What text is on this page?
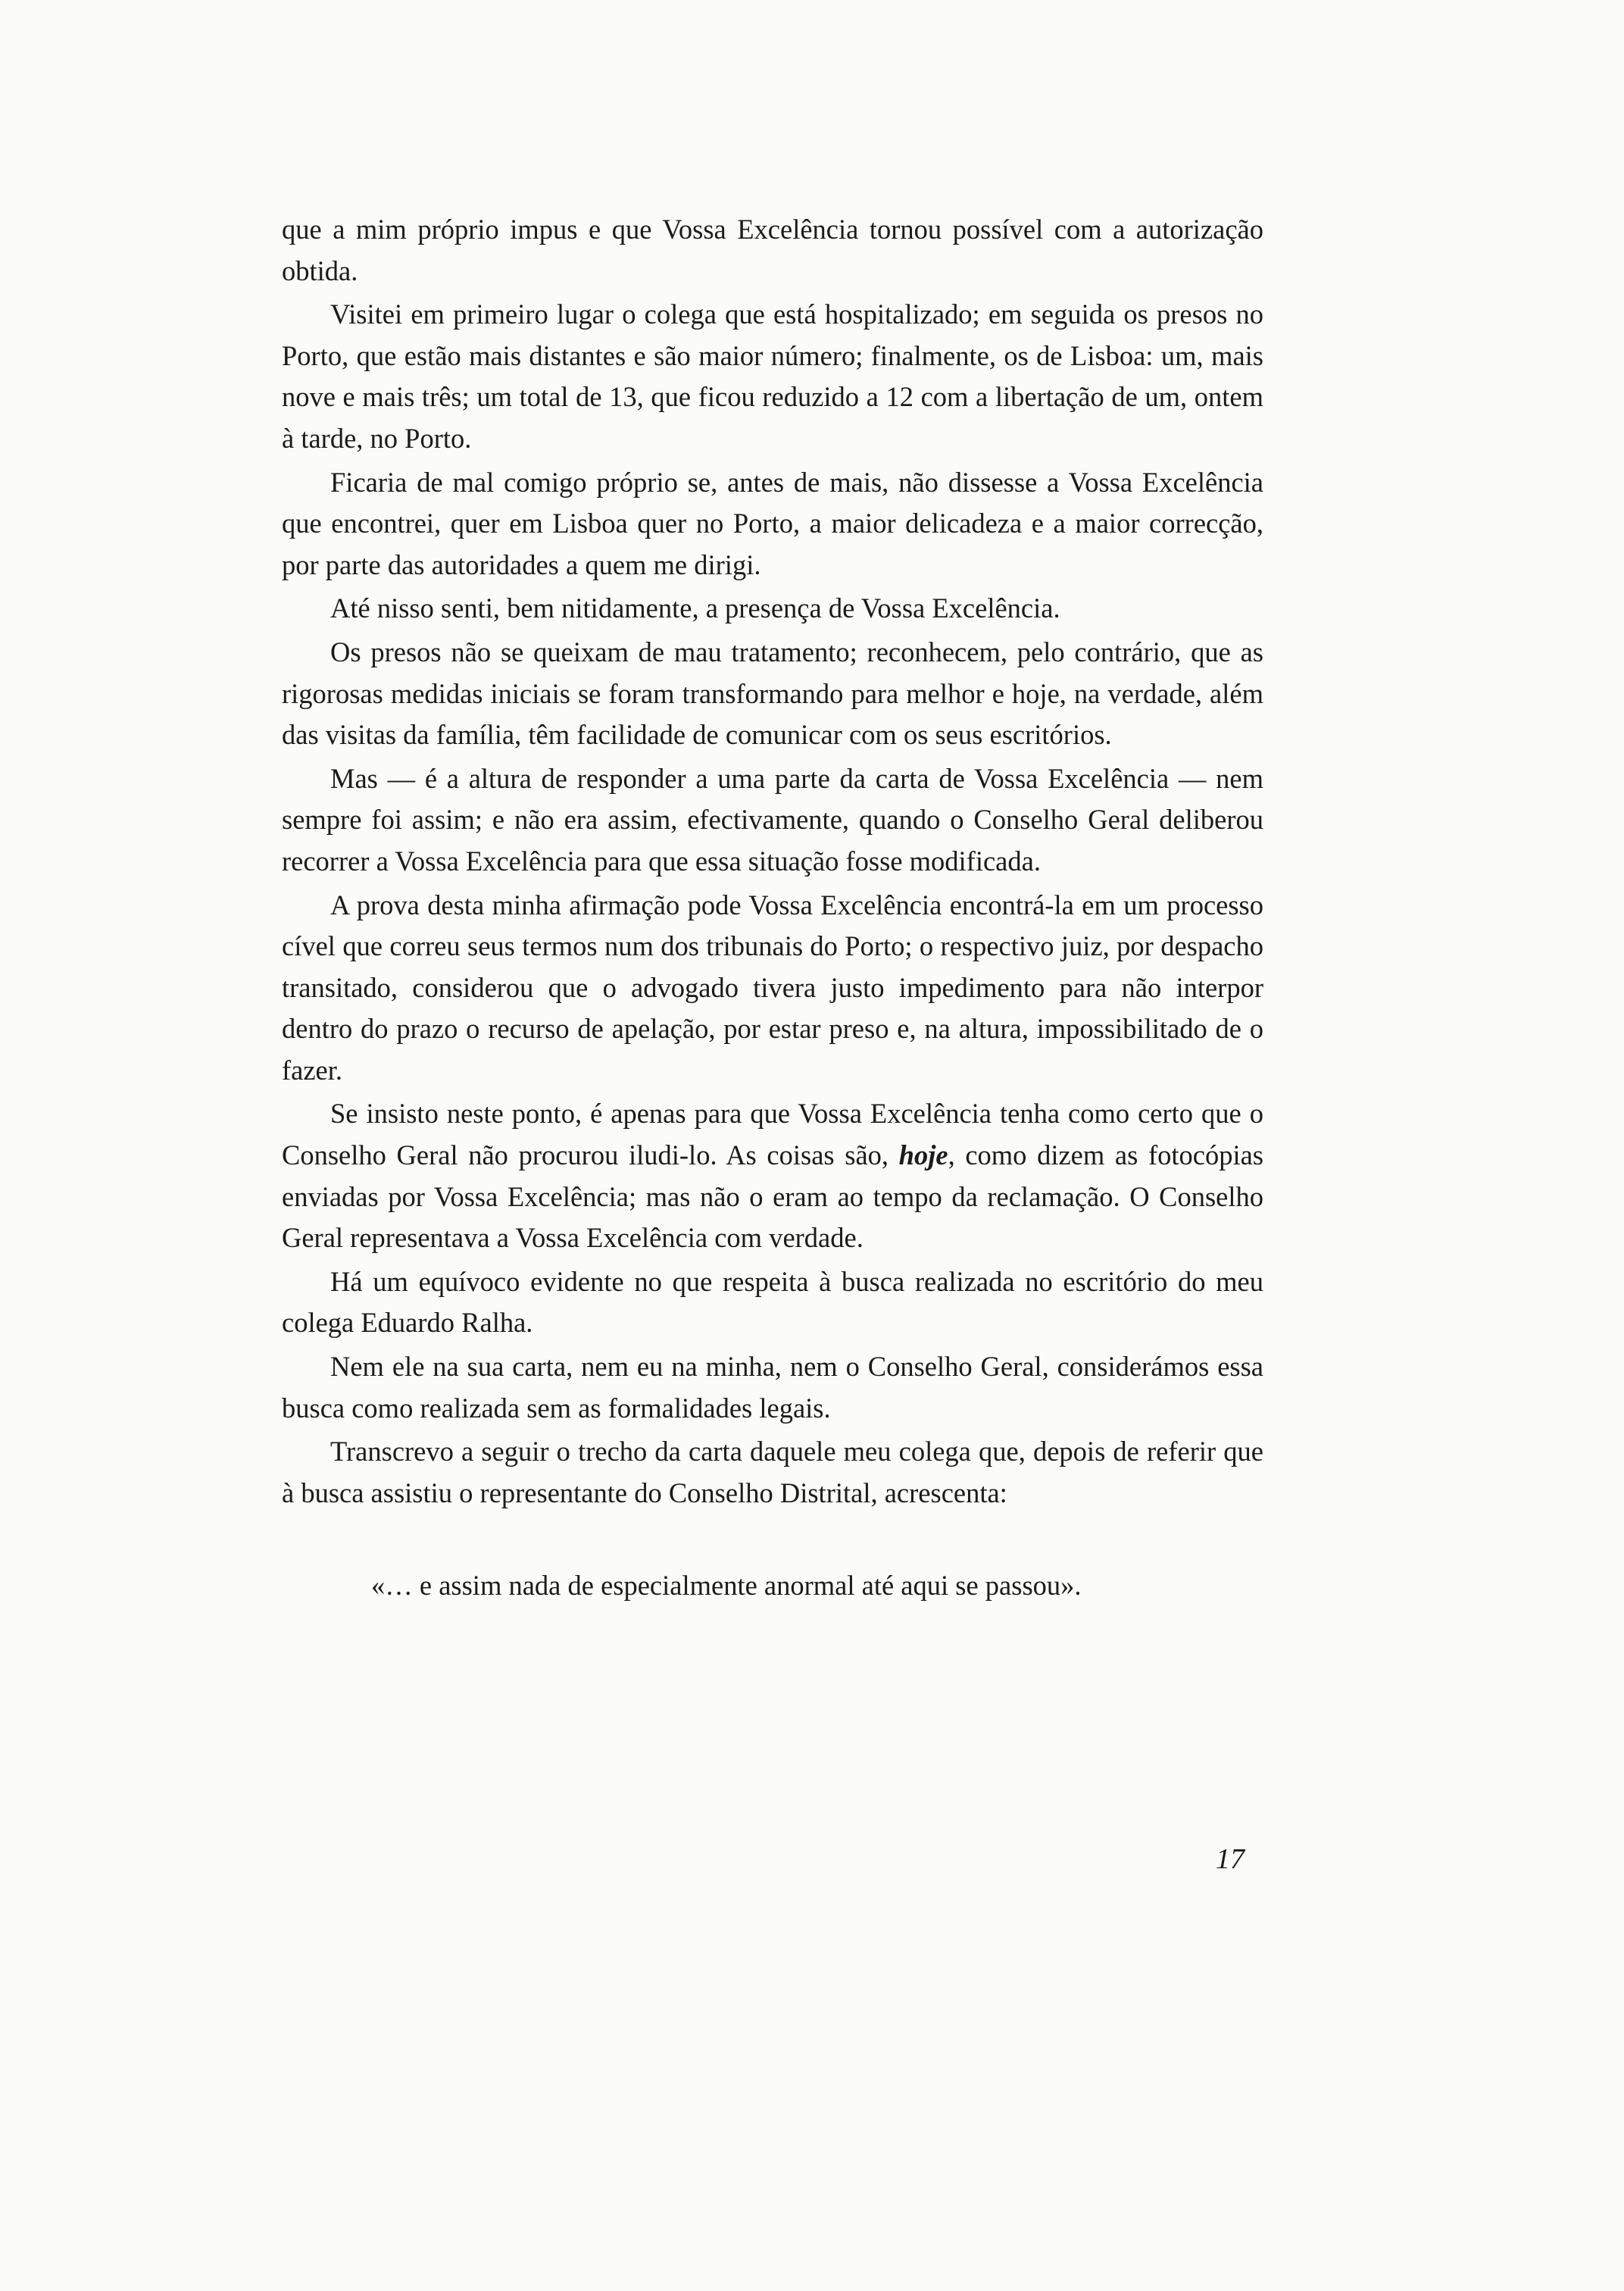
que a mim próprio impus e que Vossa Excelência tornou possível com a autorização obtida.

Visitei em primeiro lugar o colega que está hospitalizado; em seguida os presos no Porto, que estão mais distantes e são maior número; finalmente, os de Lisboa: um, mais nove e mais três; um total de 13, que ficou reduzido a 12 com a libertação de um, ontem à tarde, no Porto.

Ficaria de mal comigo próprio se, antes de mais, não dissesse a Vossa Excelência que encontrei, quer em Lisboa quer no Porto, a maior delicadeza e a maior correcção, por parte das autoridades a quem me dirigi.

Até nisso senti, bem nitidamente, a presença de Vossa Excelência.

Os presos não se queixam de mau tratamento; reconhecem, pelo contrário, que as rigorosas medidas iniciais se foram transformando para melhor e hoje, na verdade, além das visitas da família, têm facilidade de comunicar com os seus escritórios.

Mas — é a altura de responder a uma parte da carta de Vossa Excelência — nem sempre foi assim; e não era assim, efectivamente, quando o Conselho Geral deliberou recorrer a Vossa Excelência para que essa situação fosse modificada.

A prova desta minha afirmação pode Vossa Excelência encontrá-la em um processo cível que correu seus termos num dos tribunais do Porto; o respectivo juiz, por despacho transitado, considerou que o advogado tivera justo impedimento para não interpor dentro do prazo o recurso de apelação, por estar preso e, na altura, impossibilitado de o fazer.

Se insisto neste ponto, é apenas para que Vossa Excelência tenha como certo que o Conselho Geral não procurou iludi-lo. As coisas são, hoje, como dizem as fotocópias enviadas por Vossa Excelência; mas não o eram ao tempo da reclamação. O Conselho Geral representava a Vossa Excelência com verdade.

Há um equívoco evidente no que respeita à busca realizada no escritório do meu colega Eduardo Ralha.

Nem ele na sua carta, nem eu na minha, nem o Conselho Geral, considerámos essa busca como realizada sem as formalidades legais.

Transcrevo a seguir o trecho da carta daquele meu colega que, depois de referir que à busca assistiu o representante do Conselho Distrital, acrescenta:

«… e assim nada de especialmente anormal até aqui se passou».

17
